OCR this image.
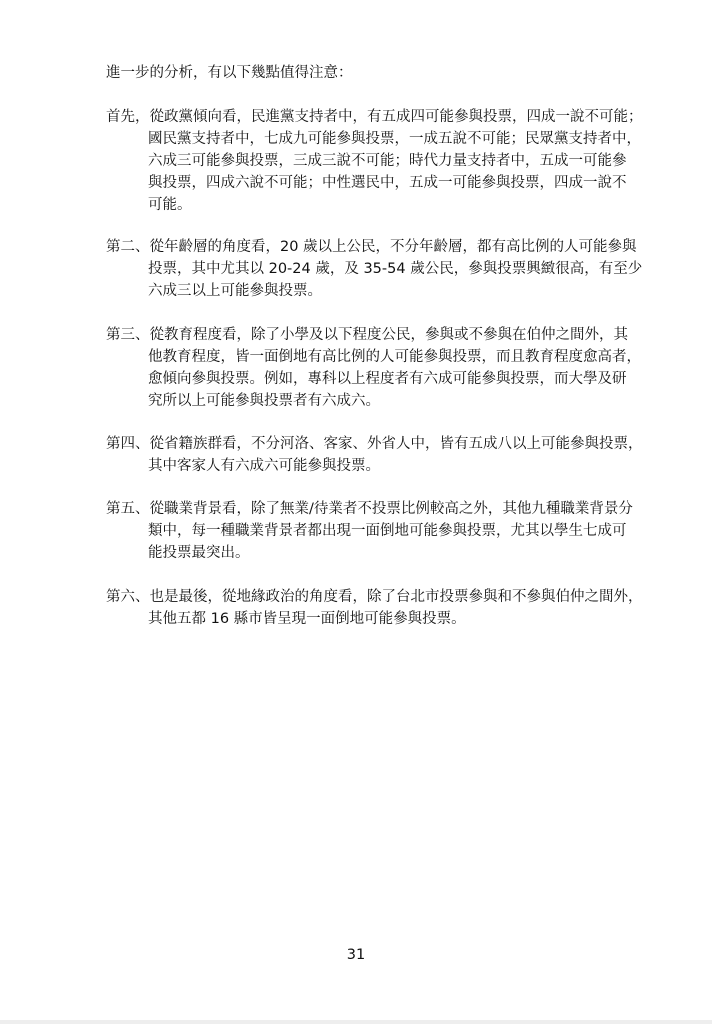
進一步的分析，有以下幾點值得注意：
首先，從政黨傾向看，民進黨支持者中，有五成四可能參與投票，四成一說不可能；
國民黨支持者中，七成九可能參與投票，一成五說不可能；民眾黨支持者中，
六成三可能參與投票，三成三說不可能；時代力量支持者中，五成一可能參
與投票，四成六說不可能；中性選民中，五成一可能參與投票，四成一說不
可能。
第二、從年齡層的角度看，20 歲以上公民，不分年齡層，都有高比例的人可能參與
投票，其中尤其以 20-24 歲，及 35-54 歲公民，參與投票興緻很高，有至少
六成三以上可能參與投票。
第三、從教育程度看，除了小學及以下程度公民，參與或不參與在伯仲之間外，其
他教育程度，皆一面倒地有高比例的人可能參與投票，而且教育程度愈高者，
愈傾向參與投票。例如，專科以上程度者有六成可能參與投票，而大學及研
究所以上可能參與投票者有六成六。
第四、從省籍族群看，不分河洛、客家、外省人中，皆有五成八以上可能參與投票，
其中客家人有六成六可能參與投票。
第五、從職業背景看，除了無業/待業者不投票比例較高之外，其他九種職業背景分
類中，每一種職業背景者都出現一面倒地可能參與投票，尤其以學生七成可
能投票最突出。
第六、也是最後，從地緣政治的角度看，除了台北市投票參與和不參與伯仲之間外，
其他五都 16 縣市皆呈現一面倒地可能參與投票。
31
